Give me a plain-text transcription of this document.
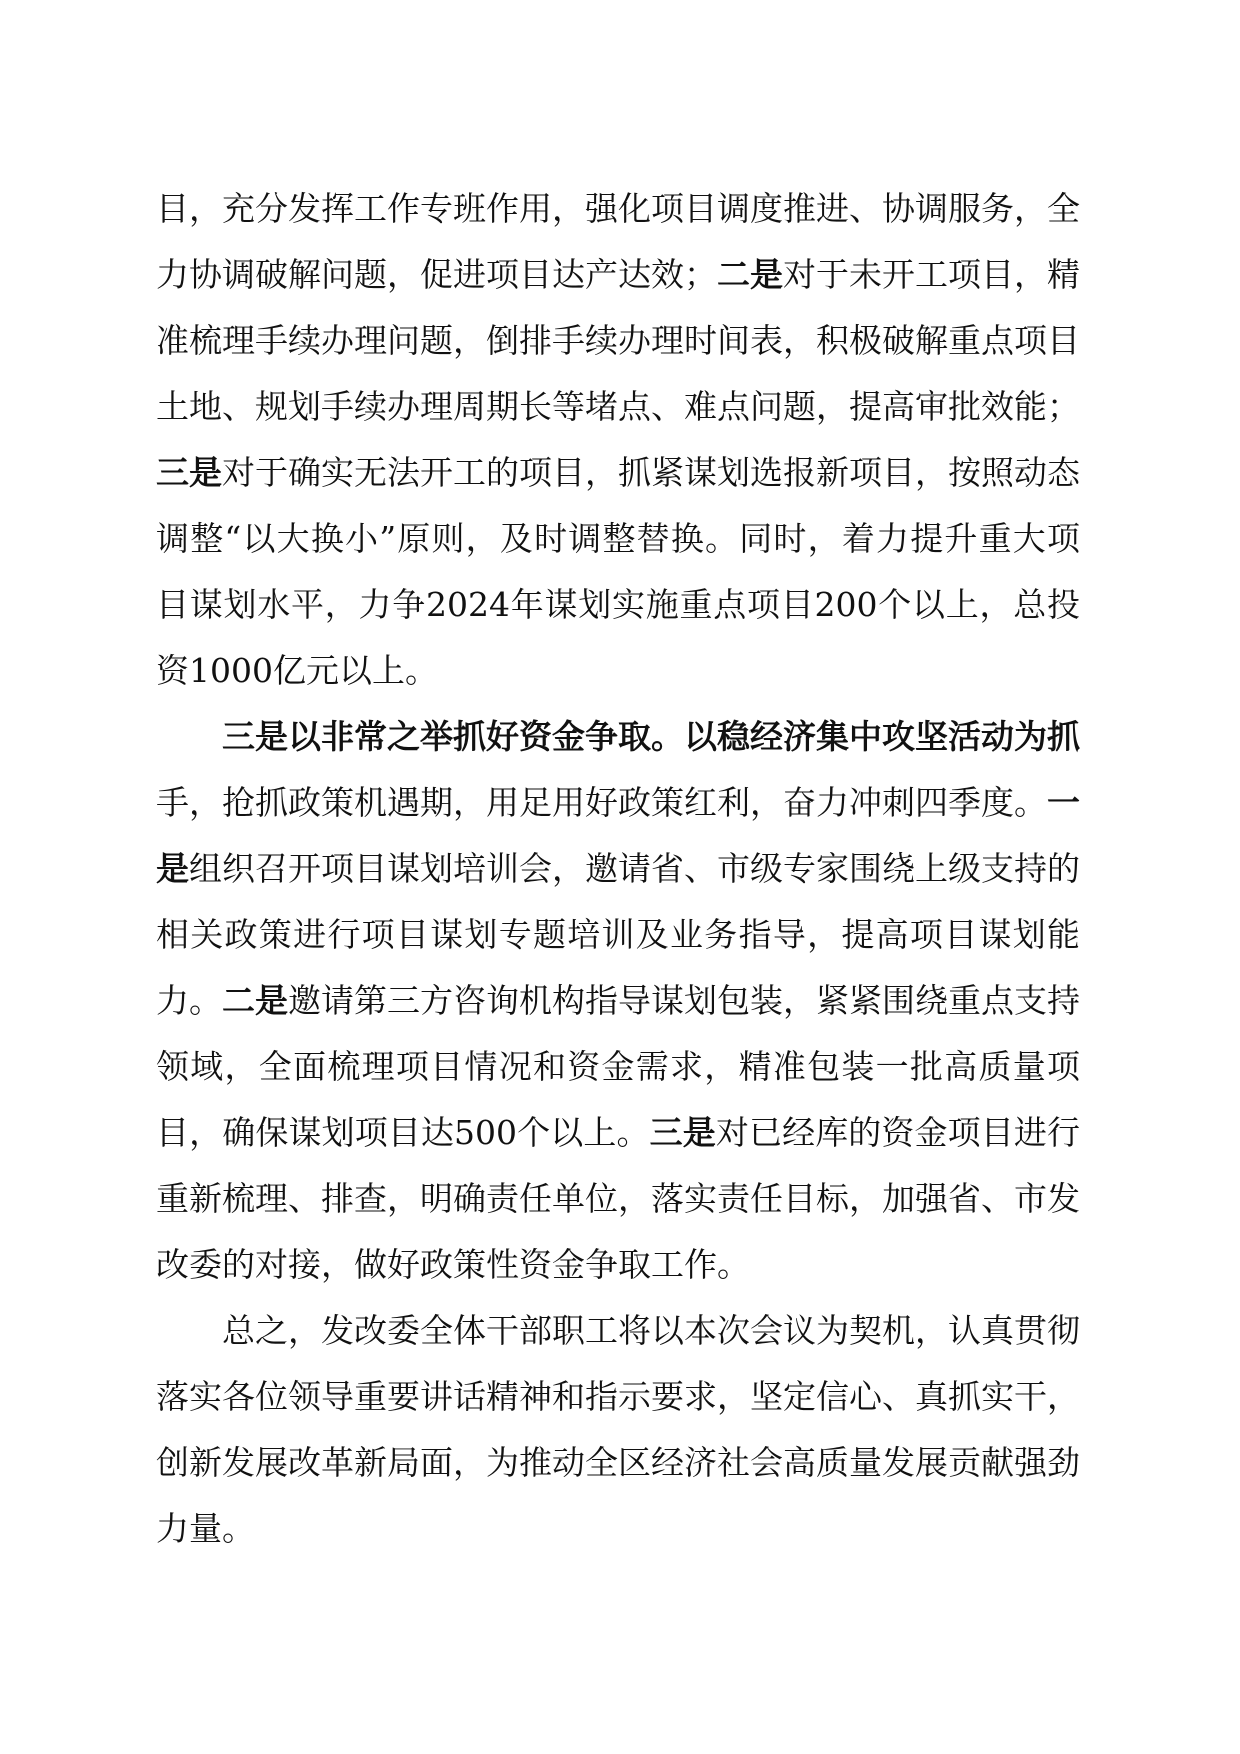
目，充分发挥工作专班作用，强化项目调度推进、协调服务，全力协调破解问题，促进项目达产达效；二是对于未开工项目，精准梳理手续办理问题，倒排手续办理时间表，积极破解重点项目土地、规划手续办理周期长等堵点、难点问题，提高审批效能；三是对于确实无法开工的项目，抓紧谋划选报新项目，按照动态调整“以大换小”原则，及时调整替换。同时，着力提升重大项目谋划水平，力争2024年谋划实施重点项目200个以上，总投资1000亿元以上。

三是以非常之举抓好资金争取。以稳经济集中攻坚活动为抓手，抢抓政策机遇期，用足用好政策红利，奋力冲刺四季度。一是组织召开项目谋划培训会，邀请省、市级专家围绕上级支持的相关政策进行项目谋划专题培训及业务指导，提高项目谋划能力。二是邀请第三方咨询机构指导谋划包装，紧紧围绕重点支持领域，全面梳理项目情况和资金需求，精准包装一批高质量项目，确保谋划项目达500个以上。三是对已经库的资金项目进行重新梳理、排查，明确责任单位，落实责任目标，加强省、市发改委的对接，做好政策性资金争取工作。

总之，发改委全体干部职工将以本次会议为契机，认真贯彻落实各位领导重要讲话精神和指示要求，坚定信心、真抓实干，创新发展改革新局面，为推动全区经济社会高质量发展贡献强劲力量。
